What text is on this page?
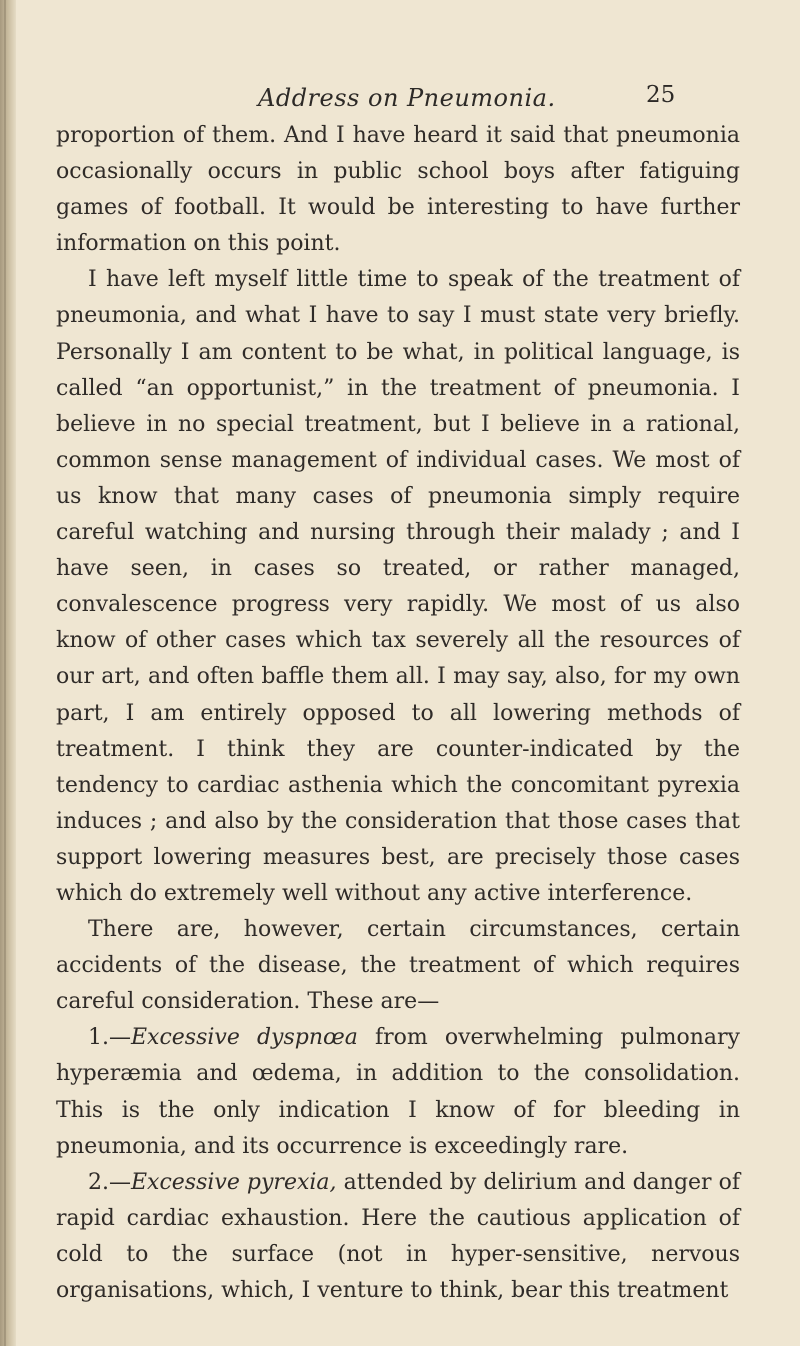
Address on Pneumonia.	25

proportion of them. And I have heard it said that pneumonia occasionally occurs in public school boys after fatiguing games of football. It would be interesting to have further information on this point.

I have left myself little time to speak of the treatment of pneumonia, and what I have to say I must state very briefly. Personally I am content to be what, in political language, is called “an opportunist,” in the treatment of pneumonia. I believe in no special treatment, but I believe in a rational, common sense management of individual cases. We most of us know that many cases of pneumonia simply require careful watching and nursing through their malady ; and I have seen, in cases so treated, or rather managed, convalescence progress very rapidly. We most of us also know of other cases which tax severely all the resources of our art, and often baffle them all. I may say, also, for my own part, I am entirely opposed to all lowering methods of treatment. I think they are counter-indicated by the tendency to cardiac asthenia which the concomitant pyrexia induces ; and also by the consideration that those cases that support lowering measures best, are precisely those cases which do extremely well without any active interference.

There are, however, certain circumstances, certain accidents of the disease, the treatment of which requires careful consideration. These are—

1.—Excessive dyspnœa from overwhelming pulmonary hyperæmia and œdema, in addition to the consolidation. This is the only indication I know of for bleeding in pneumonia, and its occurrence is exceedingly rare.

2.—Excessive pyrexia, attended by delirium and danger of rapid cardiac exhaustion. Here the cautious application of cold to the surface (not in hyper-sensitive, nervous organisations, which, I venture to think, bear this treatment
